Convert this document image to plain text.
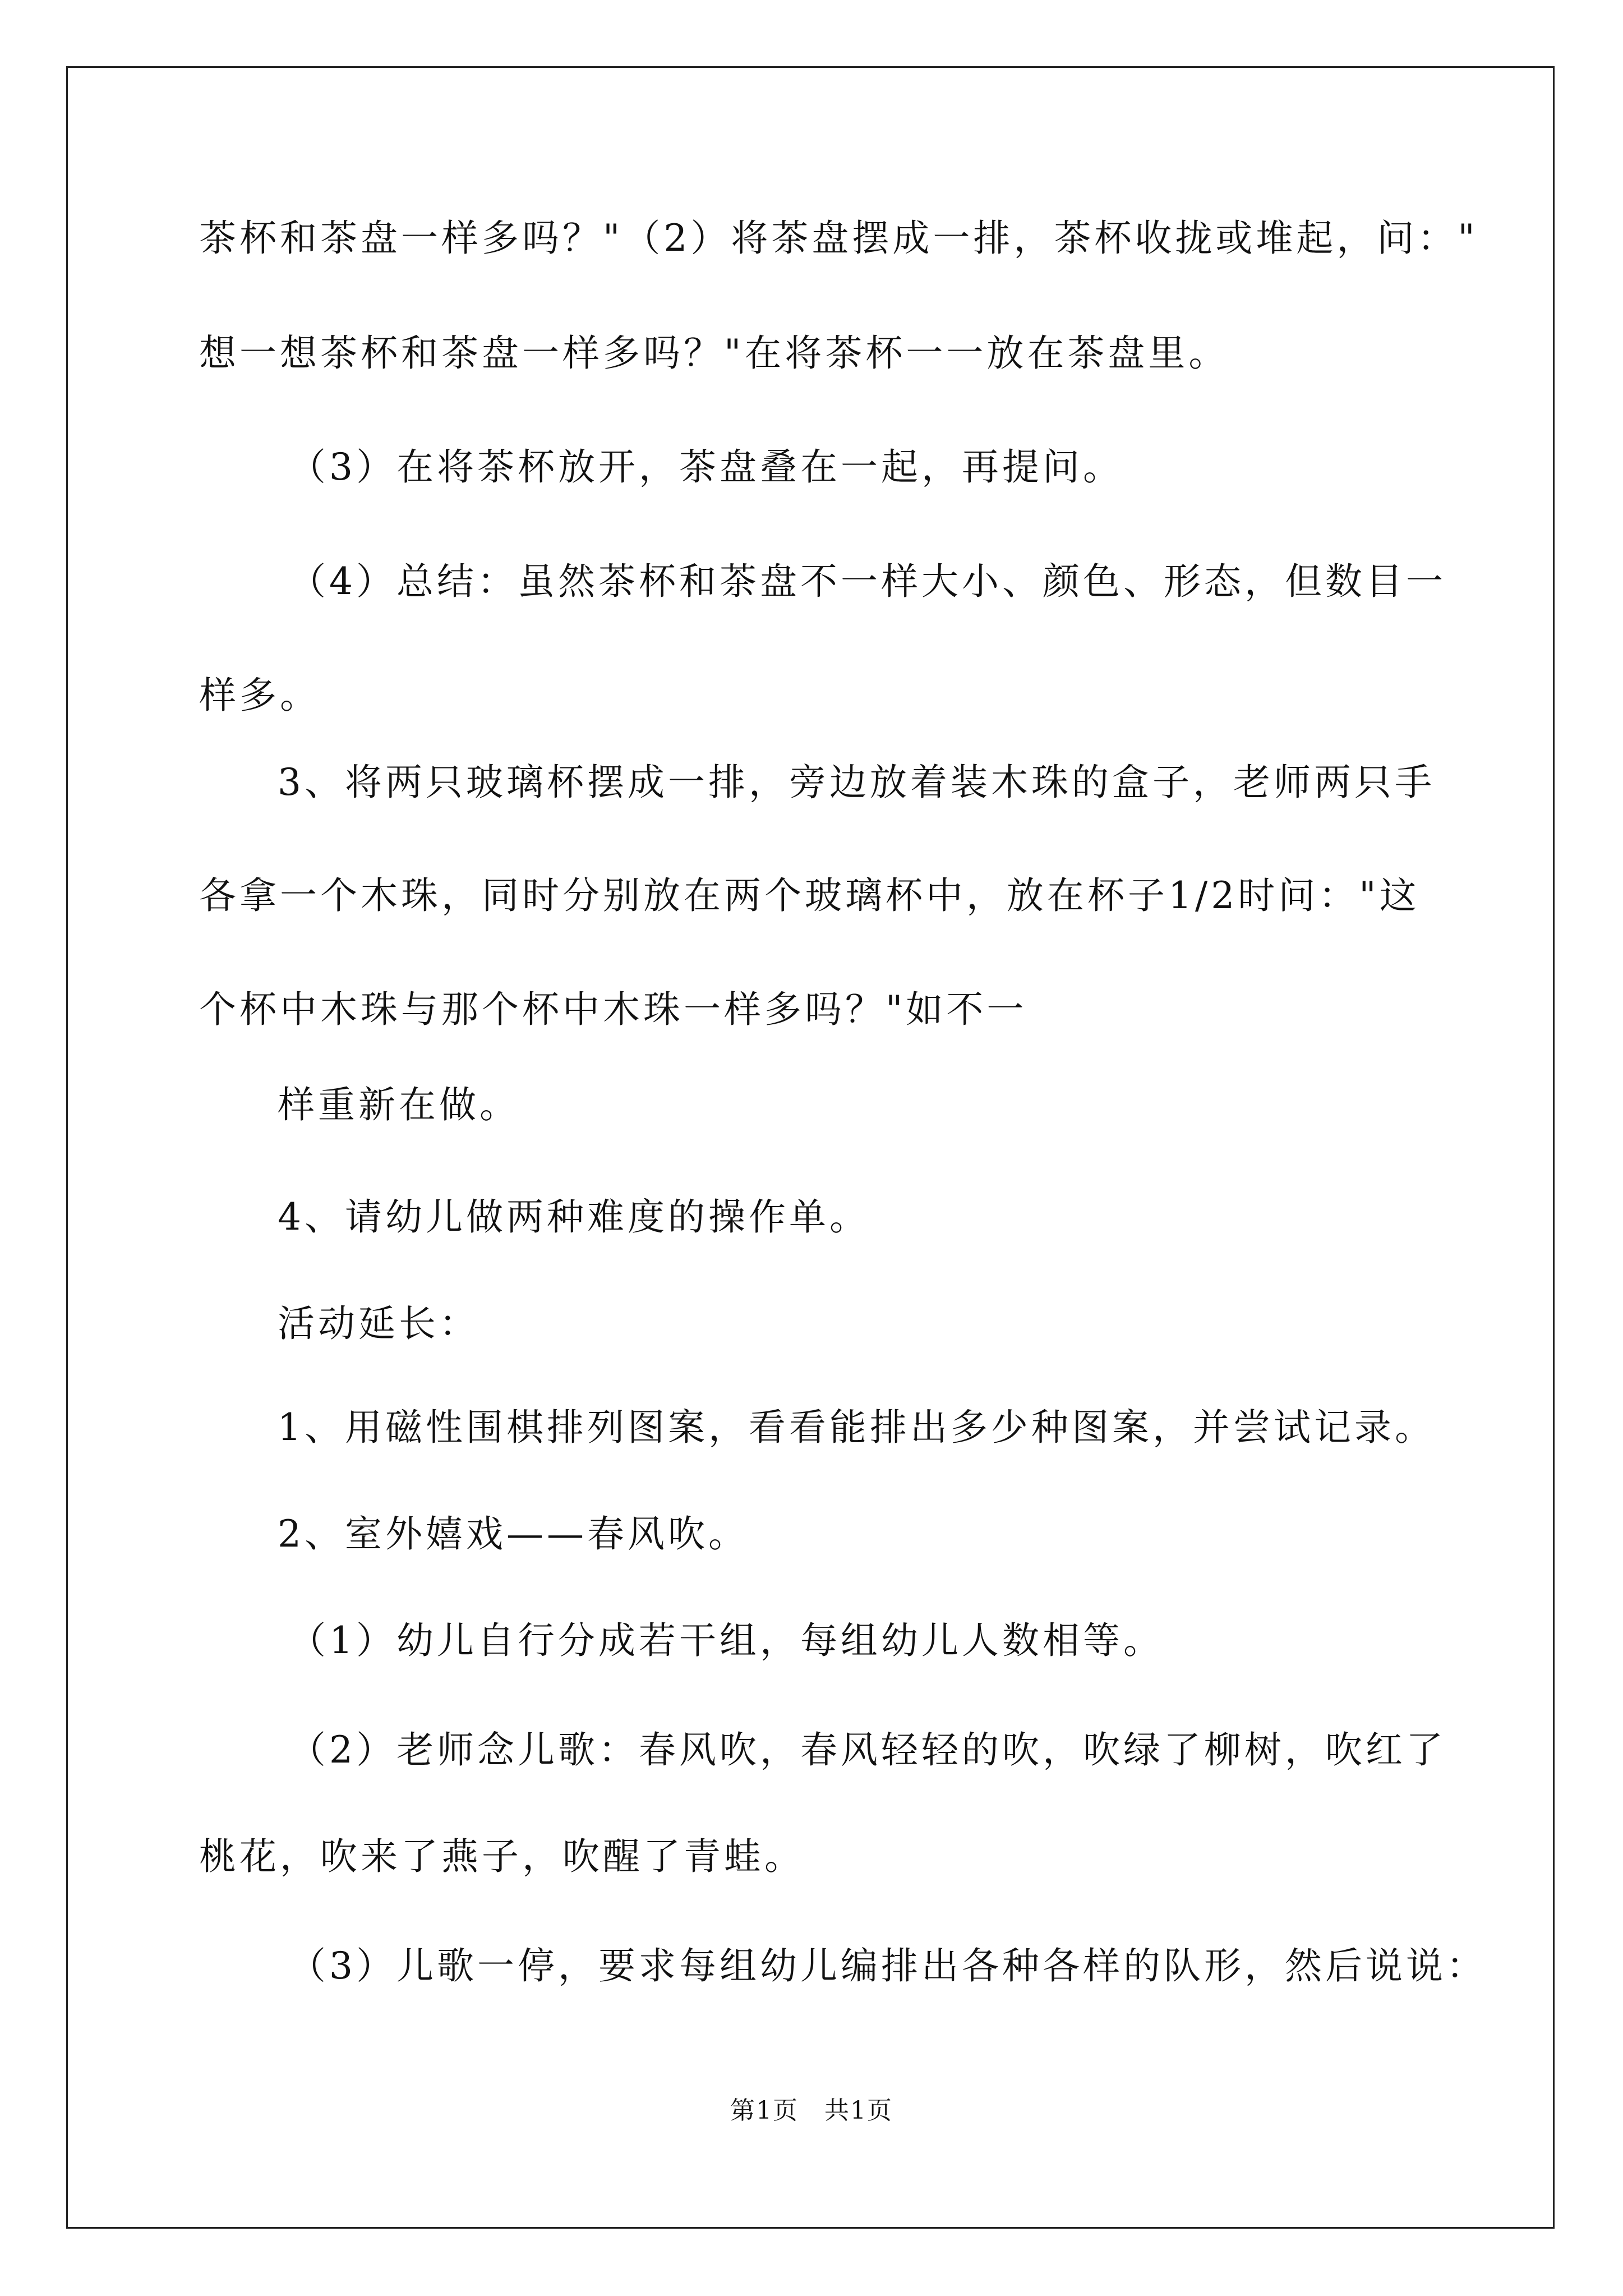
茶杯和茶盘一样多吗？"（2）将茶盘摆成一排，茶杯收拢或堆起，问："

想一想茶杯和茶盘一样多吗？"在将茶杯一一放在茶盘里。

（3）在将茶杯放开，茶盘叠在一起，再提问。

（4）总结：虽然茶杯和茶盘不一样大小、颜色、形态，但数目一

样多。

3、将两只玻璃杯摆成一排，旁边放着装木珠的盒子，老师两只手

各拿一个木珠，同时分别放在两个玻璃杯中，放在杯子1/2时问："这

个杯中木珠与那个杯中木珠一样多吗？"如不一

样重新在做。

4、请幼儿做两种难度的操作单。

活动延长：

1、用磁性围棋排列图案，看看能排出多少种图案，并尝试记录。

2、室外嬉戏——春风吹。

（1）幼儿自行分成若干组，每组幼儿人数相等。

（2）老师念儿歌：春风吹，春风轻轻的吹，吹绿了柳树，吹红了

桃花，吹来了燕子，吹醒了青蛙。

（3）儿歌一停，要求每组幼儿编排出各种各样的队形，然后说说：

第1页　共1页
